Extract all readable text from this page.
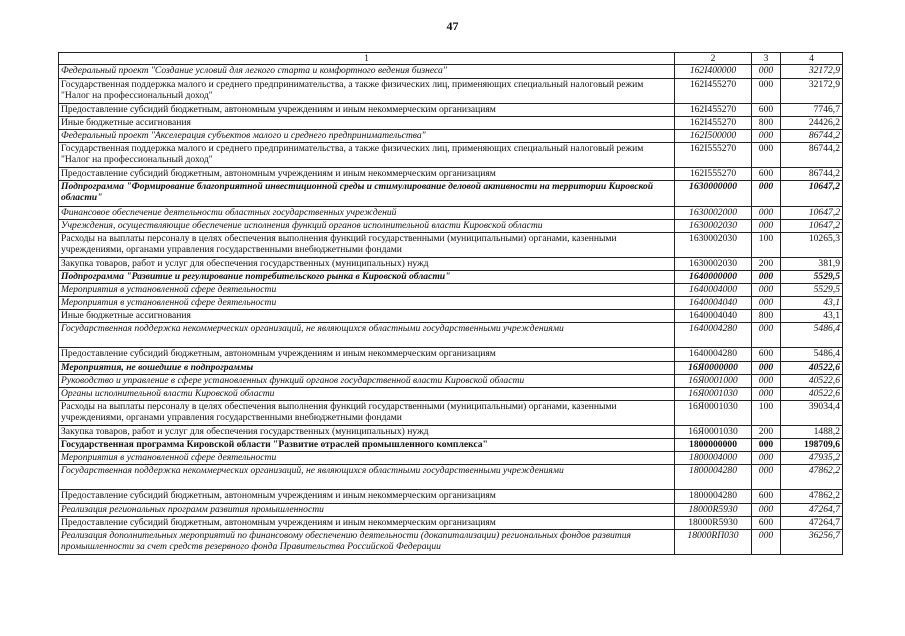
47
1	2	3	4
Федеральный проект "Создание условий для легкого старта и комфортного ведения бизнеса"	162I400000	000	32172,9
Государственная поддержка малого и среднего предпринимательства, а также физических лиц, применяющих специальный налоговый режим "Налог на профессиональный доход"	162I455270	000	32172,9
Предоставление субсидий бюджетным, автономным учреждениям и иным некоммерческим организациям	162I455270	600	7746,7
Иные бюджетные ассигнования	162I455270	800	24426,2
Федеральный проект "Акселерация субъектов малого и среднего предпринимательства"	162I500000	000	86744,2
Государственная поддержка малого и среднего предпринимательства, а также физических лиц, применяющих специальный налоговый режим "Налог на профессиональный доход"	162I555270	000	86744,2
Предоставление субсидий бюджетным, автономным учреждениям и иным некоммерческим организациям	162I555270	600	86744,2
Подпрограмма "Формирование благоприятной инвестиционной среды и стимулирование деловой активности на территории Кировской области"	1630000000	000	10647,2
Финансовое обеспечение деятельности областных государственных учреждений	1630002000	000	10647,2
Учреждения, осуществляющие обеспечение исполнения функций органов исполнительной власти Кировской области	1630002030	000	10647,2
Расходы на выплаты персоналу в целях обеспечения выполнения функций государственными (муниципальными) органами, казенными учреждениями, органами управления государственными внебюджетными фондами	1630002030	100	10265,3
Закупка товаров, работ и услуг для обеспечения государственных (муниципальных) нужд	1630002030	200	381,9
Подпрограмма "Развитие и регулирование потребительского рынка в Кировской области"	1640000000	000	5529,5
Мероприятия в установленной сфере деятельности	1640004000	000	5529,5
Мероприятия в установленной сфере деятельности	1640004040	000	43,1
Иные бюджетные ассигнования	1640004040	800	43,1
Государственная поддержка некоммерческих организаций, не являющихся областными государственными учреждениями	1640004280	000	5486,4
Предоставление субсидий бюджетным, автономным учреждениям и иным некоммерческим организациям	1640004280	600	5486,4
Мероприятия, не вошедшие в подпрограммы	16Я0000000	000	40522,6
Руководство и управление в сфере установленных функций органов государственной власти Кировской области	16Я0001000	000	40522,6
Органы исполнительной власти Кировской области	16Я0001030	000	40522,6
Расходы на выплаты персоналу в целях обеспечения выполнения функций государственными (муниципальными) органами, казенными учреждениями, органами управления государственными внебюджетными фондами	16Я0001030	100	39034,4
Закупка товаров, работ и услуг для обеспечения государственных (муниципальных) нужд	16Я0001030	200	1488,2
Государственная программа Кировской области "Развитие отраслей промышленного комплекса"	1800000000	000	198709,6
Мероприятия в установленной сфере деятельности	1800004000	000	47935,2
Государственная поддержка некоммерческих организаций, не являющихся областными государственными учреждениями	1800004280	000	47862,2
Предоставление субсидий бюджетным, автономным учреждениям и иным некоммерческим организациям	1800004280	600	47862,2
Реализация региональных программ развития промышленности	18000R5930	000	47264,7
Предоставление субсидий бюджетным, автономным учреждениям и иным некоммерческим организациям	18000R5930	600	47264,7
Реализация дополнительных мероприятий по финансовому обеспечению деятельности (докапитализации) региональных фондов развития промышленности за счет средств резервного фонда Правительства Российской Федерации	18000RП030	000	36256,7
